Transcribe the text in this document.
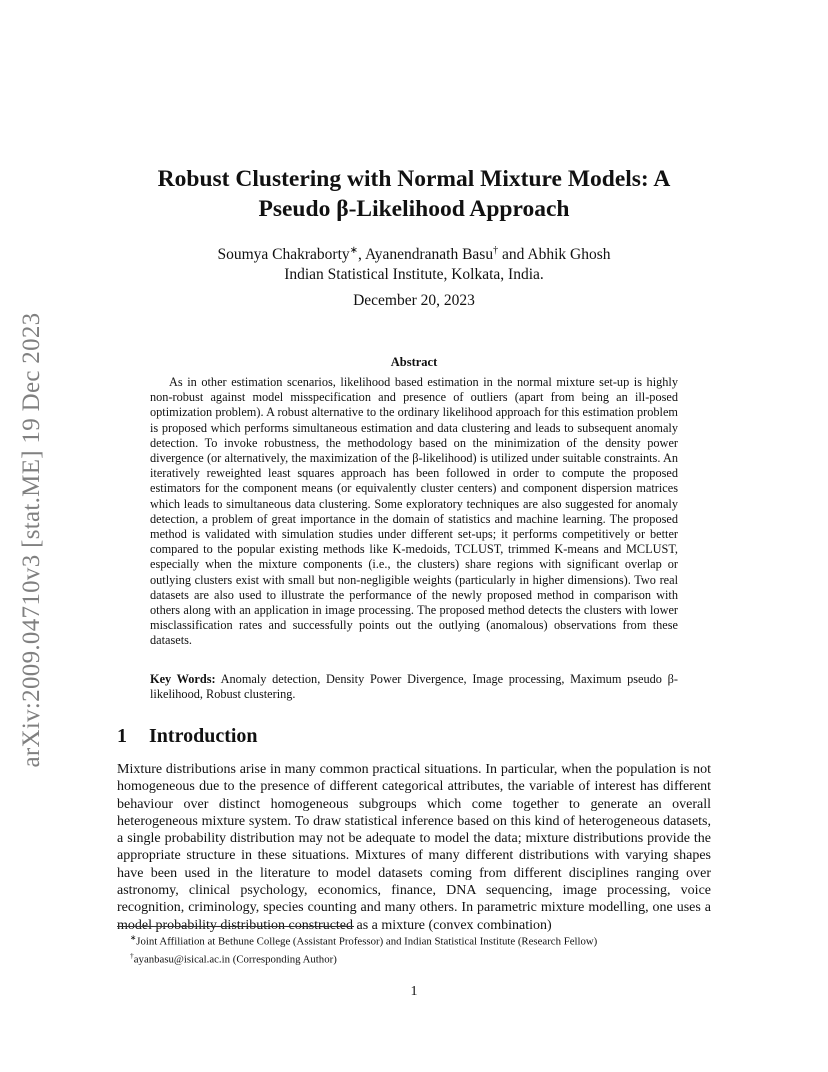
arXiv:2009.04710v3 [stat.ME] 19 Dec 2023
Robust Clustering with Normal Mixture Models: A
Pseudo β-Likelihood Approach
Soumya Chakraborty∗, Ayanendranath Basu† and Abhik Ghosh
Indian Statistical Institute, Kolkata, India.
December 20, 2023
Abstract

As in other estimation scenarios, likelihood based estimation in the normal mixture set-up is highly non-robust against model misspecification and presence of outliers (apart from being an ill-posed optimization problem). A robust alternative to the ordinary likelihood approach for this estimation problem is proposed which performs simultaneous estimation and data clustering and leads to subsequent anomaly detection. To invoke robustness, the methodology based on the minimization of the density power divergence (or alternatively, the maximization of the β-likelihood) is utilized under suitable constraints. An iteratively reweighted least squares approach has been followed in order to compute the proposed estimators for the component means (or equivalently cluster centers) and component dispersion matrices which leads to simultaneous data clustering. Some exploratory techniques are also suggested for anomaly detection, a problem of great importance in the domain of statistics and machine learning. The proposed method is validated with simulation studies under different set-ups; it performs competitively or better compared to the popular existing methods like K-medoids, TCLUST, trimmed K-means and MCLUST, especially when the mixture components (i.e., the clusters) share regions with significant overlap or outlying clusters exist with small but non-negligible weights (particularly in higher dimensions). Two real datasets are also used to illustrate the performance of the newly proposed method in comparison with others along with an application in image processing. The proposed method detects the clusters with lower misclassification rates and successfully points out the outlying (anomalous) observations from these datasets.

Key Words: Anomaly detection, Density Power Divergence, Image processing, Maximum pseudo β-likelihood, Robust clustering.
1 Introduction

Mixture distributions arise in many common practical situations. In particular, when the population is not homogeneous due to the presence of different categorical attributes, the variable of interest has different behaviour over distinct homogeneous subgroups which come together to generate an overall heterogeneous mixture system. To draw statistical inference based on this kind of heterogeneous datasets, a single probability distribution may not be adequate to model the data; mixture distributions provide the appropriate structure in these situations. Mixtures of many different distributions with varying shapes have been used in the literature to model datasets coming from different disciplines ranging over astronomy, clinical psychology, economics, finance, DNA sequencing, image processing, voice recognition, criminology, species counting and many others. In parametric mixture modelling, one uses a model probability distribution constructed as a mixture (convex combination)

∗Joint Affiliation at Bethune College (Assistant Professor) and Indian Statistical Institute (Research Fellow)
†ayanbasu@isical.ac.in (Corresponding Author)
1
